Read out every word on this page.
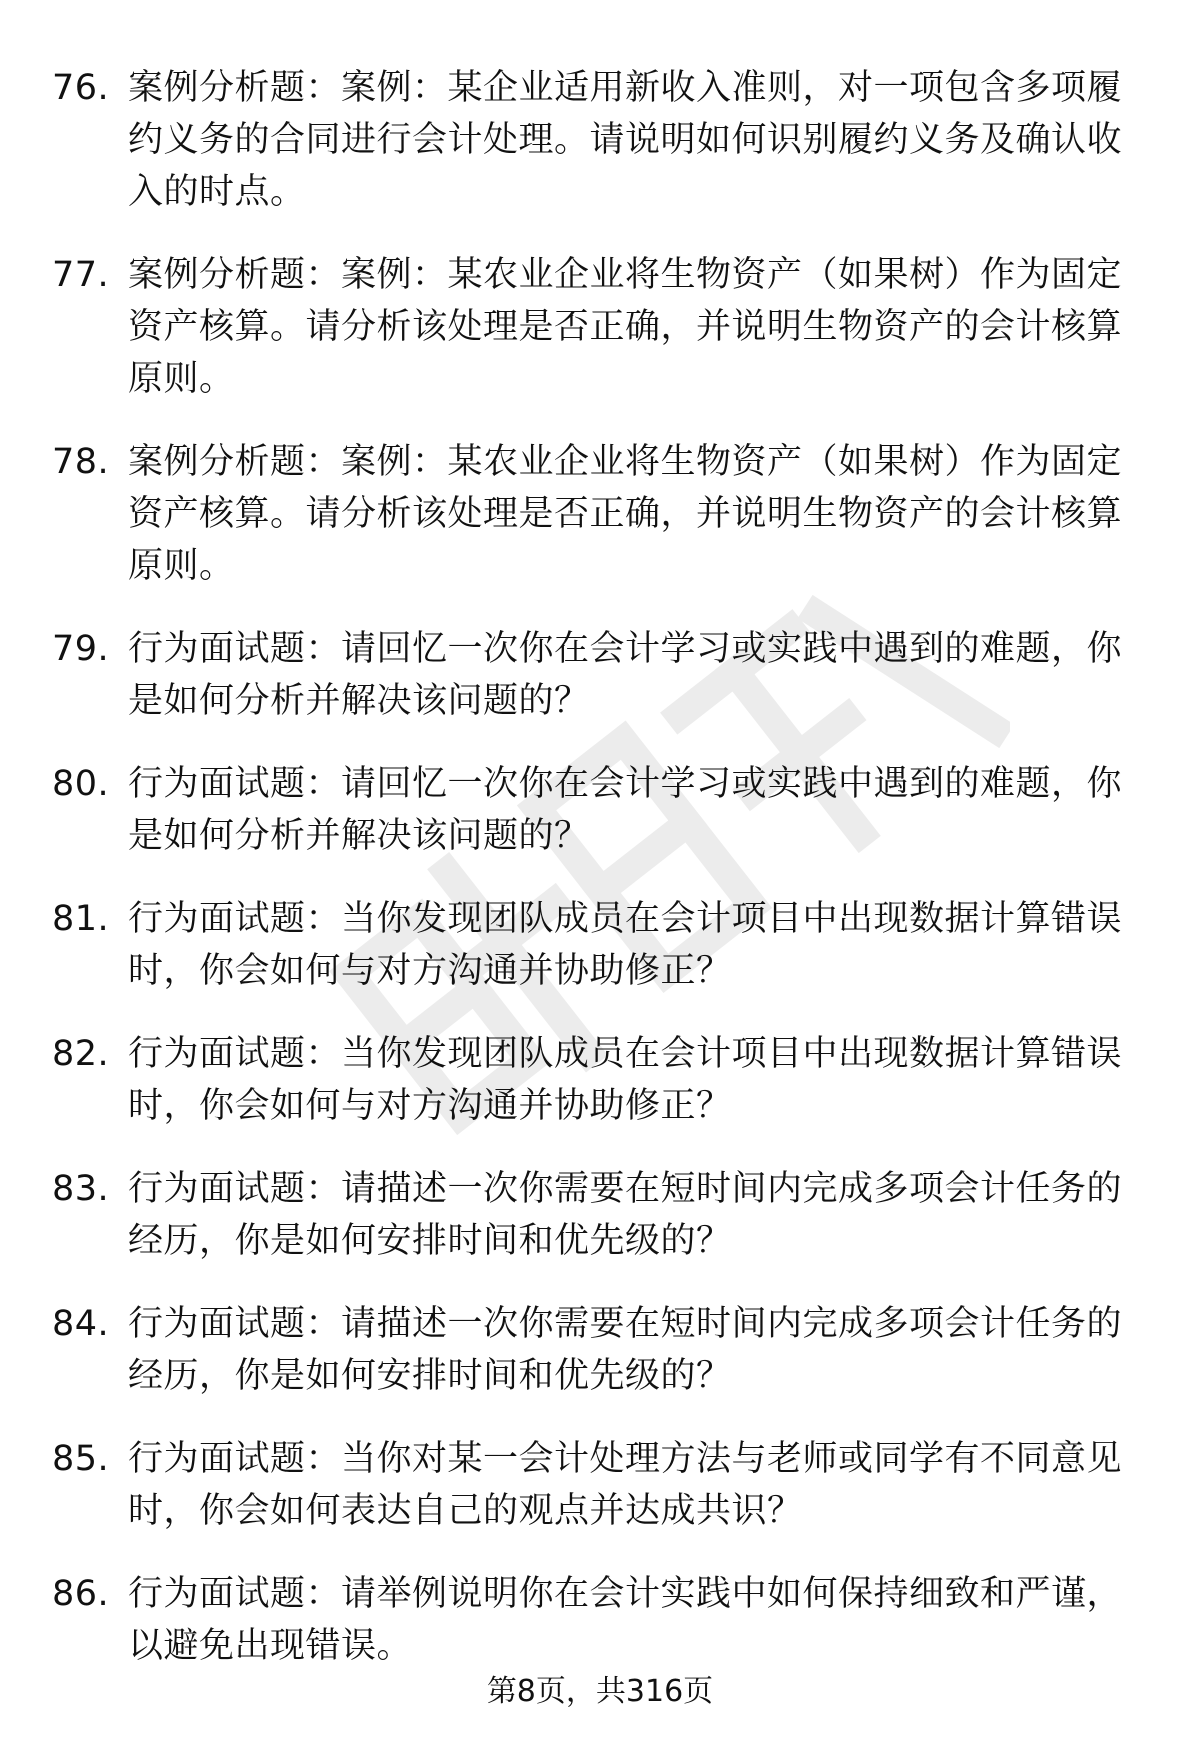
76. 案例分析题：案例：某企业适用新收入准则，对一项包含多项履约义务的合同进行会计处理。请说明如何识别履约义务及确认收入的时点。
77. 案例分析题：案例：某农业企业将生物资产（如果树）作为固定资产核算。请分析该处理是否正确，并说明生物资产的会计核算原则。
78. 案例分析题：案例：某农业企业将生物资产（如果树）作为固定资产核算。请分析该处理是否正确，并说明生物资产的会计核算原则。
79. 行为面试题：请回忆一次你在会计学习或实践中遇到的难题，你是如何分析并解决该问题的？
80. 行为面试题：请回忆一次你在会计学习或实践中遇到的难题，你是如何分析并解决该问题的？
81. 行为面试题：当你发现团队成员在会计项目中出现数据计算错误时，你会如何与对方沟通并协助修正？
82. 行为面试题：当你发现团队成员在会计项目中出现数据计算错误时，你会如何与对方沟通并协助修正？
83. 行为面试题：请描述一次你需要在短时间内完成多项会计任务的经历，你是如何安排时间和优先级的？
84. 行为面试题：请描述一次你需要在短时间内完成多项会计任务的经历，你是如何安排时间和优先级的？
85. 行为面试题：当你对某一会计处理方法与老师或同学有不同意见时，你会如何表达自己的观点并达成共识？
86. 行为面试题：请举例说明你在会计实践中如何保持细致和严谨，以避免出现错误。
第8页，共316页
